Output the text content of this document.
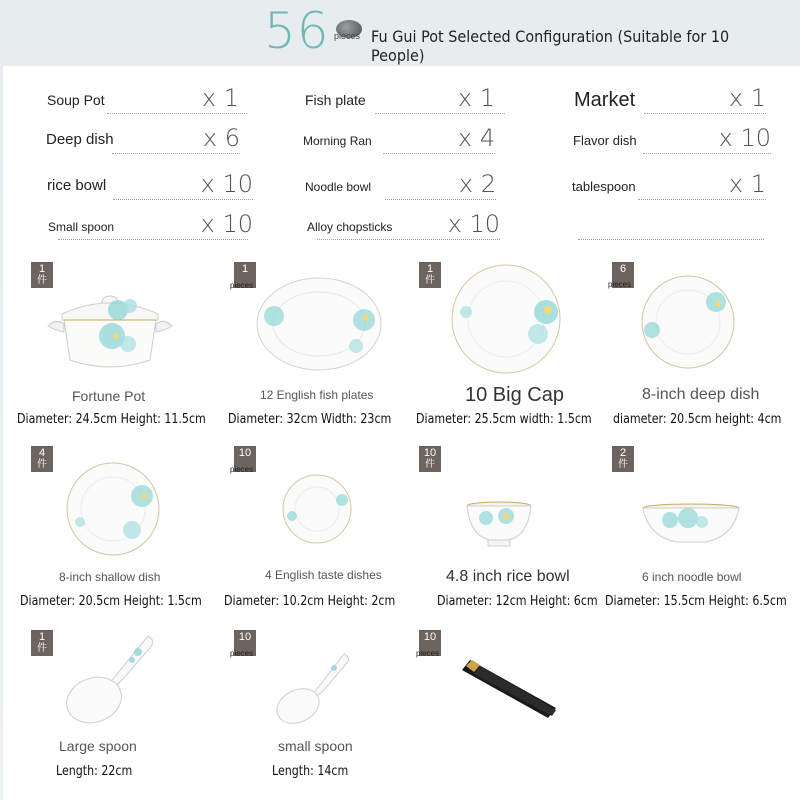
56 pieces Fu Gui Pot Selected Configuration (Suitable for 10 People)
Soup Pot	x 1	Fish plate	x 1	Market	x 1
Deep dish	x 6	Morning Ran	x 4	Flavor dish	x 10
rice bowl	x 10	Noodle bowl	x 2	tablespoon	x 1
Small spoon	x 10	Alloy chopsticks x 10
1
件
Fortune Pot
Diameter: 24.5cm Height: 11.5cm
1
pieces
12 English fish plates
Diameter: 32cm Width: 23cm
1
件
10 Big Cap
Diameter: 25.5cm width: 1.5cm
6
pieces
8-inch deep dish
diameter: 20.5cm height: 4cm
4
件
8-inch shallow dish
Diameter: 20.5cm Height: 1.5cm
10
pieces
4 English taste dishes
Diameter: 10.2cm Height: 2cm
10
件
4.8 inch rice bowl
Diameter: 12cm Height: 6cm
2
件
6 inch noodle bowl
Diameter: 15.5cm Height: 6.5cm
1
件
Large spoon
Length: 22cm
10
pieces
small spoon
Length: 14cm
10
pieces
